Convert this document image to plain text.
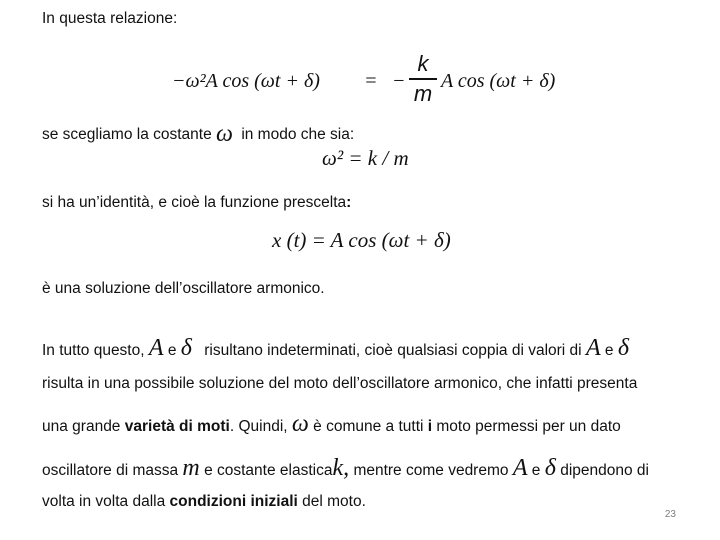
In questa relazione:
−ω²A cos (ωt + δ) = −
k
m A cos (ωt + δ)
se scegliamo la costante ω in modo che sia:
ω² = k / m
si ha un’identità, e cioè la funzione prescelta:
x (t) = A cos (ωt + δ)
è una soluzione dell’oscillatore armonico.
In tutto questo, A e δ risultano indeterminati, cioè qualsiasi coppia di valori di A e δ
risulta in una possibile soluzione del moto dell’oscillatore armonico, che infatti presenta
una grande varietà di moti. Quindi, ω è comune a tutti i moto permessi per un dato
oscillatore di massa m e costante elasticak, mentre come vedremo A e δ dipendono di
volta in volta dalla condizioni iniziali del moto.
23
